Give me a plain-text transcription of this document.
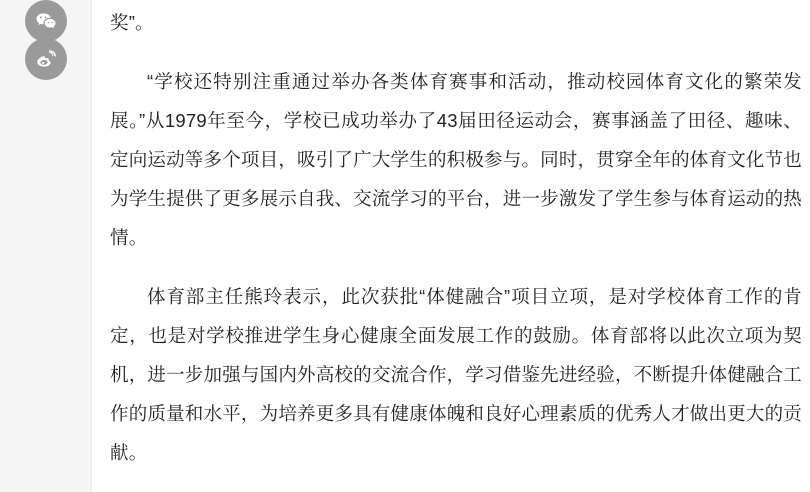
奖”。

“学校还特别注重通过举办各类体育赛事和活动，推动校园体育文化的繁荣发展。”从1979年至今，学校已成功举办了43届田径运动会，赛事涵盖了田径、趣味、定向运动等多个项目，吸引了广大学生的积极参与。同时，贯穿全年的体育文化节也为学生提供了更多展示自我、交流学习的平台，进一步激发了学生参与体育运动的热情。

体育部主任熊玲表示，此次获批“体健融合”项目立项，是对学校体育工作的肯定，也是对学校推进学生身心健康全面发展工作的鼓励。体育部将以此次立项为契机，进一步加强与国内外高校的交流合作，学习借鉴先进经验，不断提升体健融合工作的质量和水平，为培养更多具有健康体魄和良好心理素质的优秀人才做出更大的贡献。
